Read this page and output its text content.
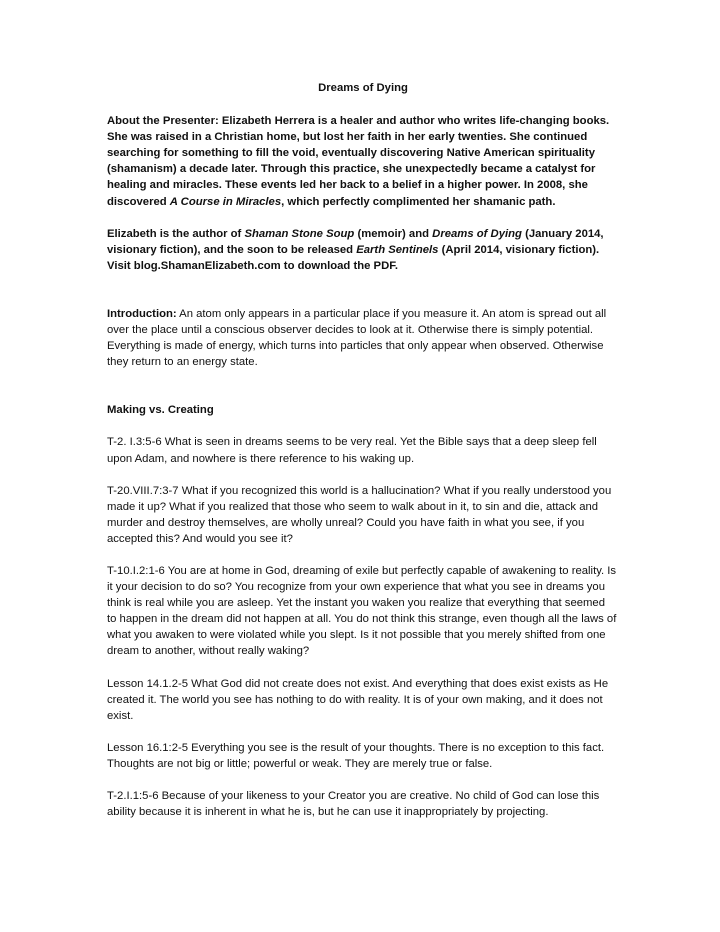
Dreams of Dying

About the Presenter: Elizabeth Herrera is a healer and author who writes life-changing books. She was raised in a Christian home, but lost her faith in her early twenties. She continued searching for something to fill the void, eventually discovering Native American spirituality (shamanism) a decade later. Through this practice, she unexpectedly became a catalyst for healing and miracles. These events led her back to a belief in a higher power. In 2008, she discovered A Course in Miracles, which perfectly complimented her shamanic path.

Elizabeth is the author of Shaman Stone Soup (memoir) and Dreams of Dying (January 2014, visionary fiction), and the soon to be released Earth Sentinels (April 2014, visionary fiction). Visit blog.ShamanElizabeth.com to download the PDF.

Introduction: An atom only appears in a particular place if you measure it. An atom is spread out all over the place until a conscious observer decides to look at it. Otherwise there is simply potential. Everything is made of energy, which turns into particles that only appear when observed. Otherwise they return to an energy state.

Making vs. Creating

T-2. I.3:5-6 What is seen in dreams seems to be very real. Yet the Bible says that a deep sleep fell upon Adam, and nowhere is there reference to his waking up.

T-20.VIII.7:3-7 What if you recognized this world is a hallucination? What if you really understood you made it up? What if you realized that those who seem to walk about in it, to sin and die, attack and murder and destroy themselves, are wholly unreal? Could you have faith in what you see, if you accepted this? And would you see it?

T-10.I.2:1-6 You are at home in God, dreaming of exile but perfectly capable of awakening to reality. Is it your decision to do so? You recognize from your own experience that what you see in dreams you think is real while you are asleep. Yet the instant you waken you realize that everything that seemed to happen in the dream did not happen at all. You do not think this strange, even though all the laws of what you awaken to were violated while you slept. Is it not possible that you merely shifted from one dream to another, without really waking?

Lesson 14.1.2-5 What God did not create does not exist. And everything that does exist exists as He created it. The world you see has nothing to do with reality. It is of your own making, and it does not exist.

Lesson 16.1:2-5 Everything you see is the result of your thoughts. There is no exception to this fact. Thoughts are not big or little; powerful or weak. They are merely true or false.

T-2.I.1:5-6 Because of your likeness to your Creator you are creative. No child of God can lose this ability because it is inherent in what he is, but he can use it inappropriately by projecting.
